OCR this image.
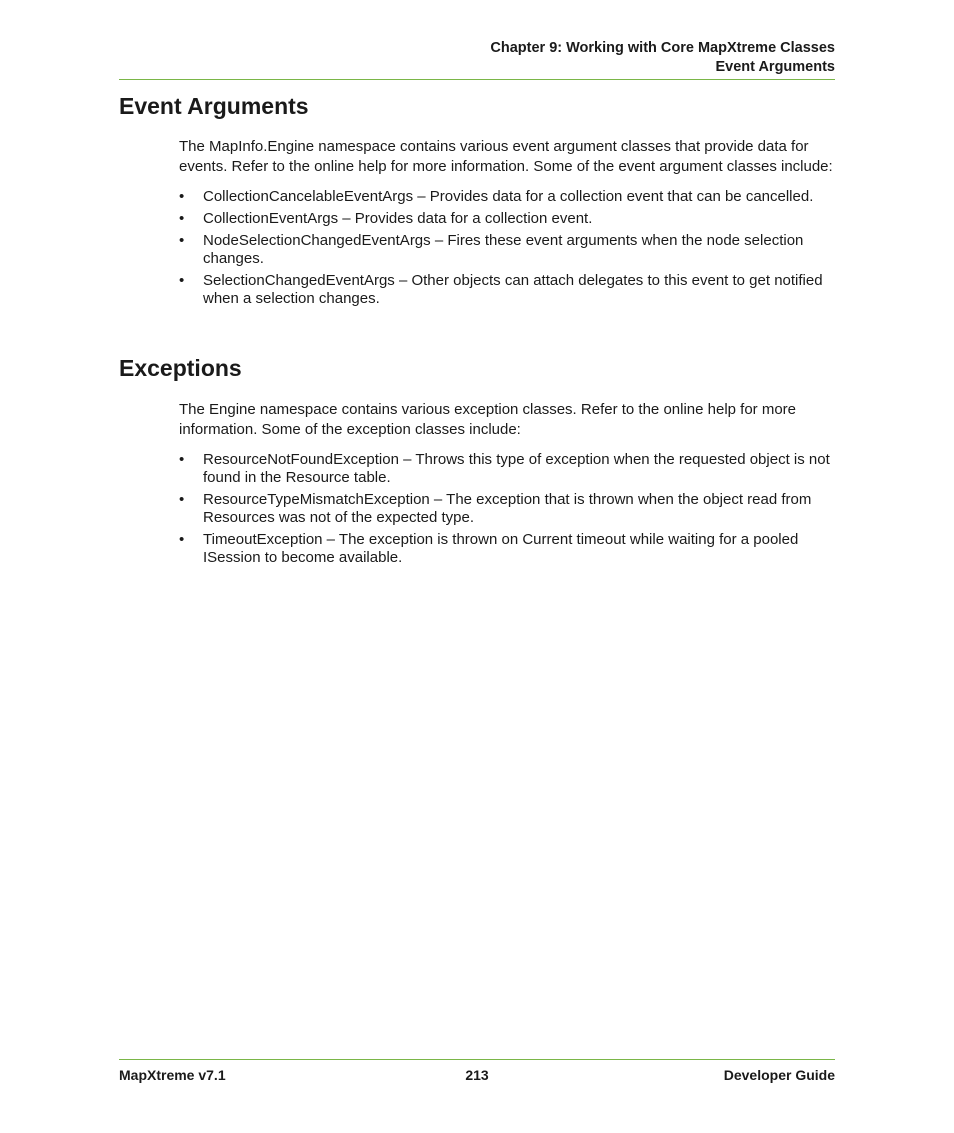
Chapter 9: Working with Core MapXtreme Classes
Event Arguments
Event Arguments

The MapInfo.Engine namespace contains various event argument classes that provide data for events. Refer to the online help for more information. Some of the event argument classes include:

• CollectionCancelableEventArgs – Provides data for a collection event that can be cancelled.
• CollectionEventArgs – Provides data for a collection event.
• NodeSelectionChangedEventArgs – Fires these event arguments when the node selection changes.
• SelectionChangedEventArgs – Other objects can attach delegates to this event to get notified when a selection changes.
Exceptions

The Engine namespace contains various exception classes. Refer to the online help for more information. Some of the exception classes include:

• ResourceNotFoundException – Throws this type of exception when the requested object is not found in the Resource table.
• ResourceTypeMismatchException – The exception that is thrown when the object read from Resources was not of the expected type.
• TimeoutException – The exception is thrown on Current timeout while waiting for a pooled ISession to become available.
MapXtreme v7.1	213	Developer Guide
